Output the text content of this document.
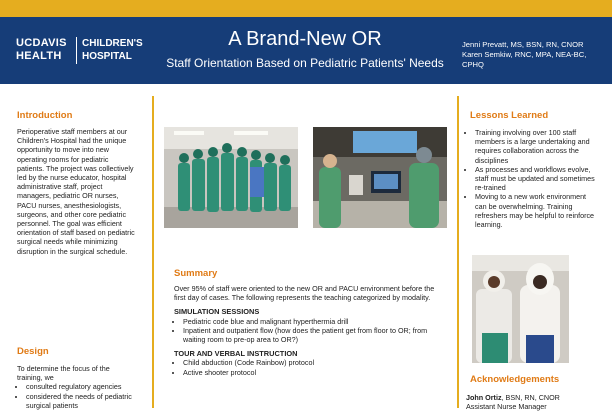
UCDAVIS
HEALTH
CHILDREN'S
HOSPITAL
A Brand-New OR
Staff Orientation Based on Pediatric Patients' Needs
Jenni Prevatt, MS, BSN, RN, CNOR
Karen Semkiw, RNC, MPA, NEA-BC, CPHQ
Introduction

Perioperative staff members at our Children's Hospital had the unique opportunity to move into new operating rooms for pediatric patients. The project was collectively led by the nurse educator, hospital administrative staff, project managers, pediatric OR nurses, PACU nurses, anesthesiologists, surgeons, and other core pediatric personnel. The goal was efficient orientation of staff based on pediatric surgical needs while minimizing disruption in the surgical schedule.

Design

To determine the focus of the training, we

• consulted regulatory agencies
• considered the needs of pediatric surgical patients
Summary

Over 95% of staff were oriented to the new OR and PACU environment before the first day of cases. The following represents the teaching categorized by modality.

SIMULATION SESSIONS
• Pediatric code blue and malignant hyperthermia drill
• Inpatient and outpatient flow (how does the patient get from floor to OR; from waiting room to pre-op area to OR?)
TOUR AND VERBAL INSTRUCTION
• Child abduction (Code Rainbow) protocol
• Active shooter protocol
Lessons Learned
• Training involving over 100 staff members is a large undertaking and requires collaboration across the disciplines
• As processes and workflows evolve, staff must be updated and sometimes re-trained
• Moving to a new work environment can be overwhelming. Training refreshers may be helpful to reinforce learning.
Acknowledgements
John Ortiz, BSN, RN, CNOR
Assistant Nurse Manager
